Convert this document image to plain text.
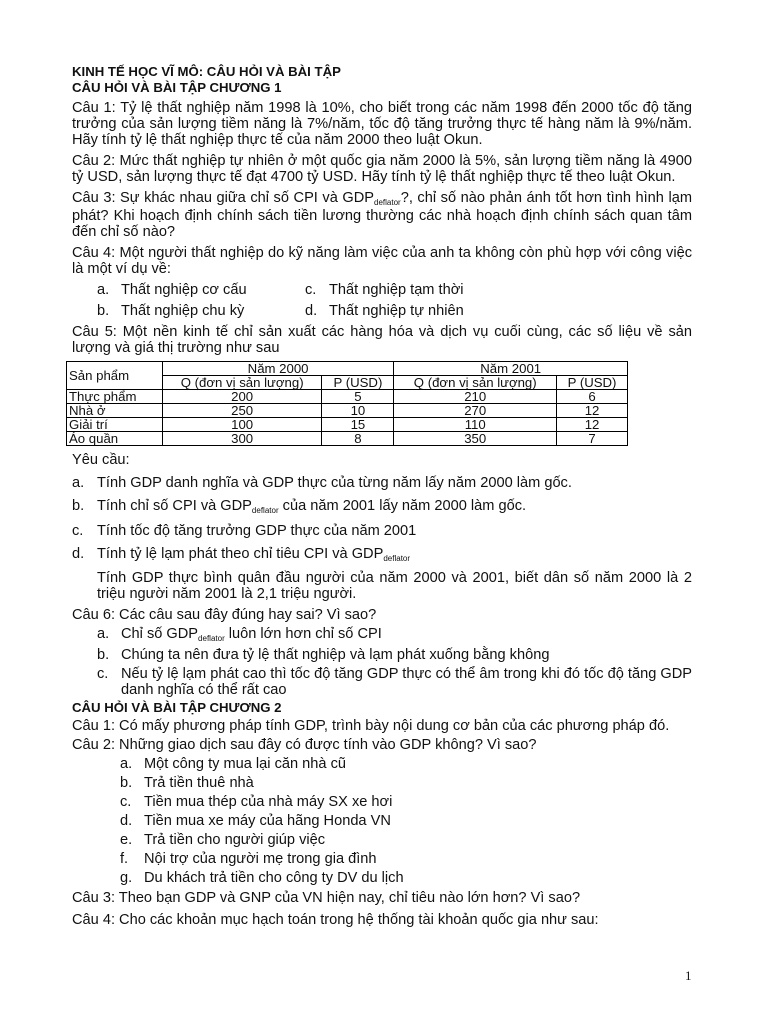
KINH TẾ HỌC VĨ MÔ: CÂU HỎI VÀ BÀI TẬP

CÂU HỎI VÀ BÀI TẬP CHƯƠNG 1

Câu 1: Tỷ lệ thất nghiệp năm 1998 là 10%, cho biết trong các năm 1998 đến 2000 tốc độ tăng trưởng của sản lượng tiềm năng là 7%/năm, tốc độ tăng trưởng thực tế hàng năm là 9%/năm. Hãy tính tỷ lệ thất nghiệp thực tế của năm 2000 theo luật Okun.

Câu 2: Mức thất nghiệp tự nhiên ở một quốc gia năm 2000 là 5%, sản lượng tiềm năng là 4900 tỷ USD, sản lượng thực tế đạt 4700 tỷ USD. Hãy tính tỷ lệ thất nghiệp thực tế theo luật Okun.

Câu 3: Sự khác nhau giữa chỉ số CPI và $GDP_{deflator}$?, chỉ số nào phản ánh tốt hơn tình hình lạm phát? Khi hoạch định chính sách tiền lương thường các nhà hoạch định chính sách quan tâm đến chỉ số nào?

Câu 4: Một người thất nghiệp do kỹ năng làm việc của anh ta không còn phù hợp với công việc là một ví dụ về:

a. Thất nghiệp cơ cấu	c. Thất nghiệp tạm thời
b. Thất nghiệp chu kỳ	d. Thất nghiệp tự nhiên

Câu 5: Một nền kinh tế chỉ sản xuất các hàng hóa và dịch vụ cuối cùng, các số liệu về sản lượng và giá thị trường như sau

Sản phẩm	Năm 2000		Năm 2001	
	Q (đơn vị sản lượng)	P (USD)	Q (đơn vị sản lượng)	P (USD)
Thực phẩm	200	5	210	6
Nhà ở	250	10	270	12
Giải trí	100	15	110	12
Áo quần	300	8	350	7

Yêu cầu:

a. Tính GDP danh nghĩa và GDP thực của từng năm lấy năm 2000 làm gốc.
b. Tính chỉ số CPI và $GDP_{deflator}$ của năm 2001 lấy năm 2000 làm gốc.
c. Tính tốc độ tăng trưởng GDP thực của năm 2001
d. Tính tỷ lệ lạm phát theo chỉ tiêu CPI và $GDP_{deflator}$

Tính GDP thực bình quân đầu người của năm 2000 và 2001, biết dân số năm 2000 là 2 triệu người năm 2001 là 2,1 triệu người.

Câu 6: Các câu sau đây đúng hay sai? Vì sao?

a. Chỉ số $GDP_{deflator}$ luôn lớn hơn chỉ số CPI
b. Chúng ta nên đưa tỷ lệ thất nghiệp và lạm phát xuống bằng không
c. Nếu tỷ lệ lạm phát cao thì tốc độ tăng GDP thực có thể âm trong khi đó tốc độ tăng GDP danh nghĩa có thể rất cao

CÂU HỎI VÀ BÀI TẬP CHƯƠNG 2

Câu 1: Có mấy phương pháp tính GDP, trình bày nội dung cơ bản của các phương pháp đó.

Câu 2: Những giao dịch sau đây có được tính vào GDP không? Vì sao?

a. Một công ty mua lại căn nhà cũ
b. Trả tiền thuê nhà
c. Tiền mua thép của nhà máy SX xe hơi
d. Tiền mua xe máy của hãng Honda VN
e. Trả tiền cho người giúp việc
f.	Nội trợ của người mẹ trong gia đình
g. Du khách trả tiền cho công ty DV du lịch

Câu 3: Theo bạn GDP và GNP của VN hiện nay, chỉ tiêu nào lớn hơn? Vì sao?

Câu 4: Cho các khoản mục hạch toán trong hệ thống tài khoản quốc gia như sau:

1
